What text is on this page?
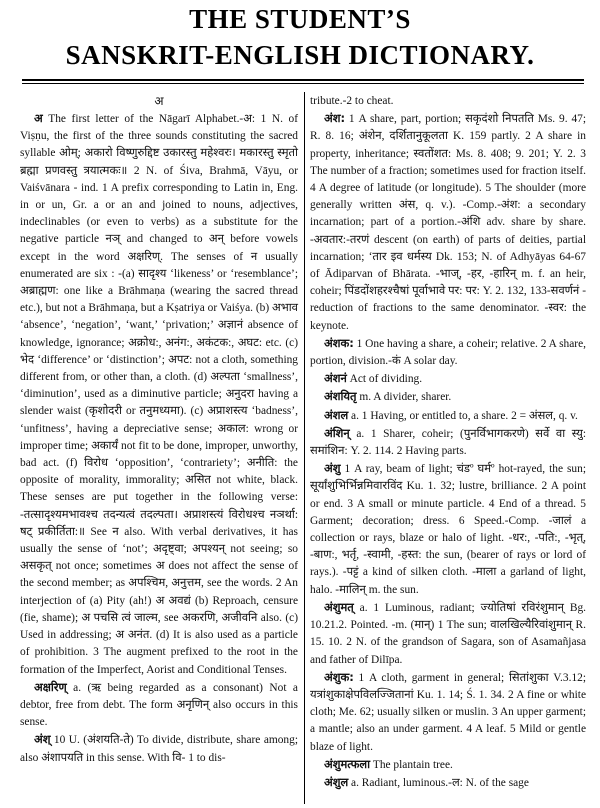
THE STUDENT’S
SANSKRIT-ENGLISH DICTIONARY.
अ

अ The first letter of the Nāgarī Alphabet.-अ: 1 N. of Viṣṇu, the first of the three sounds constituting the sacred syllable ओम्; अकारो विष्णुरुद्दिष्ट उकारस्तु महेश्वरः। मकारस्तु स्मृतो ब्रह्मा प्रणवस्तु त्रयात्मकः॥ 2 N. of Śiva, Brahmā, Vāyu, or Vaiśvānara - ind. 1 A prefix corresponding to Latin in, Eng. in or un, Gr. a or an and joined to nouns, adjectives, indeclinables (or even to verbs) as a substitute for the negative particle नञ् and changed to अन् before vowels except in the word अक्षरिण्. The senses of न usually enumerated are six : -(a) सादृश्य ‘likeness’ or ‘resemblance’; अब्राह्मण: one like a Brāhmaṇa (wearing the sacred thread etc.), but not a Brāhmaṇa, but a Kṣatriya or Vaiśya. (b) अभाव ‘absence’, ‘negation’, ‘want,’ ‘privation;’ अज्ञानं absence of knowledge, ignorance; अक्रोध:, अनंग:, अकंटक:, अघट: etc. (c) भेद ‘difference’ or ‘distinction’; अपट: not a cloth, something different from, or other than, a cloth. (d) अल्पता ‘smallness’, ‘diminution’, used as a diminutive particle; अनुदरा having a slender waist (कृशोदरी or तनुमध्यमा). (c) अप्राशस्त्य ‘badness’, ‘unfitness’, having a depreciative sense; अकाल: wrong or improper time; अकार्यं not fit to be done, improper, unworthy, bad act. (f) विरोध ‘opposition’, ‘contrariety’; अनीति: the opposite of morality, immorality; असित not white, black. These senses are put together in the following verse: -तत्सादृश्यमभावश्च तदन्यत्वं तदल्पता। अप्राशस्त्यं विरोधश्च नञर्था: षट् प्रकीर्तिता:॥ See न also. With verbal derivatives, it has usually the sense of ‘not’; अदृष्ट्वा; अपश्यन् not seeing; so असकृत् not once; sometimes अ does not affect the sense of the second member; as अपश्चिम, अनुत्तम, see the words. 2 An interjection of (a) Pity (ah!) अ अवद्यं (b) Reproach, censure (fie, shame); अ पचसि त्वं जाल्म, see अकरणि, अजीवनि also. (c) Used in addressing; अ अनंत. (d) It is also used as a particle of prohibition. 3 The augment prefixed to the root in the formation of the Imperfect, Aorist and Conditional Tenses.

अक्षरिण् a. (ऋ being regarded as a consonant) Not a debtor, free from debt. The form अनृणिन् also occurs in this sense.

अंश् 10 U. (अंशयति-ते) To divide, distribute, share among; also अंशापयति in this sense. With वि- 1 to dis-

tribute.-2 to cheat.

अंश: 1 A share, part, portion; सकृदंशो निपतति Ms. 9. 47; R. 8. 16; अंशेन, दर्शितानुकूलता K. 159 partly. 2 A share in property, inheritance; स्वतोंशत: Ms. 8. 408; 9. 201; Y. 2. 3 The number of a fraction; sometimes used for fraction itself. 4 A degree of latitude (or longitude). 5 The shoulder (more generally written अंस, q. v.). -Comp.-अंश: a secondary incarnation; part of a portion.-अंशि adv. share by share. -अवतार:-तरणं descent (on earth) of parts of deities, partial incarnation; ‘तार इव धर्मस्य Dk. 153; N. of Adhyāyas 64-67 of Ādiparvan of Bhārata. -भाज्, -हर, -हारिन् m. f. an heir, coheir; पिंडदोंशहरश्चैषां पूर्वाभावे पर: पर: Y. 2. 132, 133-सवर्णनं -reduction of fractions to the same denominator. -स्वर: the keynote.

अंशक: 1 One having a share, a coheir; relative. 2 A share, portion, division.-कं A solar day.

अंशनं Act of dividing.

अंशयितृ m. A divider, sharer.

अंशल a. 1 Having, or entitled to, a share. 2 = अंसल, q. v.

अंशिन् a. 1 Sharer, coheir; (पुनर्विभागकरणे) सर्वे वा स्यु: समांशिन: Y. 2. 114. 2 Having parts.

अंशु 1 A ray, beam of light; चंडº घर्मº hot-rayed, the sun; सूर्यांशुभिर्भिन्नमिवारविंद Ku. 1. 32; lustre, brilliance. 2 A point or end. 3 A small or minute particle. 4 End of a thread. 5 Garment; decoration; dress. 6 Speed.-Comp. -जालं a collection or rays, blaze or halo of light. -धर:, -पति:, -भृत्, -बाण:, भर्तृ, -स्वामी, -हस्त: the sun, (bearer of rays or lord of rays.). -पट्टं a kind of silken cloth. -माला a garland of light, halo. -मालिन् m. the sun.

अंशुमत् a. 1 Luminous, radiant; ज्योतिषां रविरंशुमान् Bg. 10.21.2. Pointed. -m. (मान्) 1 The sun; वालखिल्यैरिवांशुमान् R. 15. 10. 2 N. of the grandson of Sagara, son of Asamañjasa and father of Dilīpa.

अंशुक: 1 A cloth, garment in general; सितांशुका V.3.12; यत्रांशुकाक्षेपविलज्जितानां Ku. 1. 14; Ś. 1. 34. 2 A fine or white cloth; Me. 62; usually silken or muslin. 3 An upper garment; a mantle; also an under garment. 4 A leaf. 5 Mild or gentle blaze of light.

अंशुमत्फला The plantain tree.

अंशुल a. Radiant, luminous.-ल: N. of the sage
